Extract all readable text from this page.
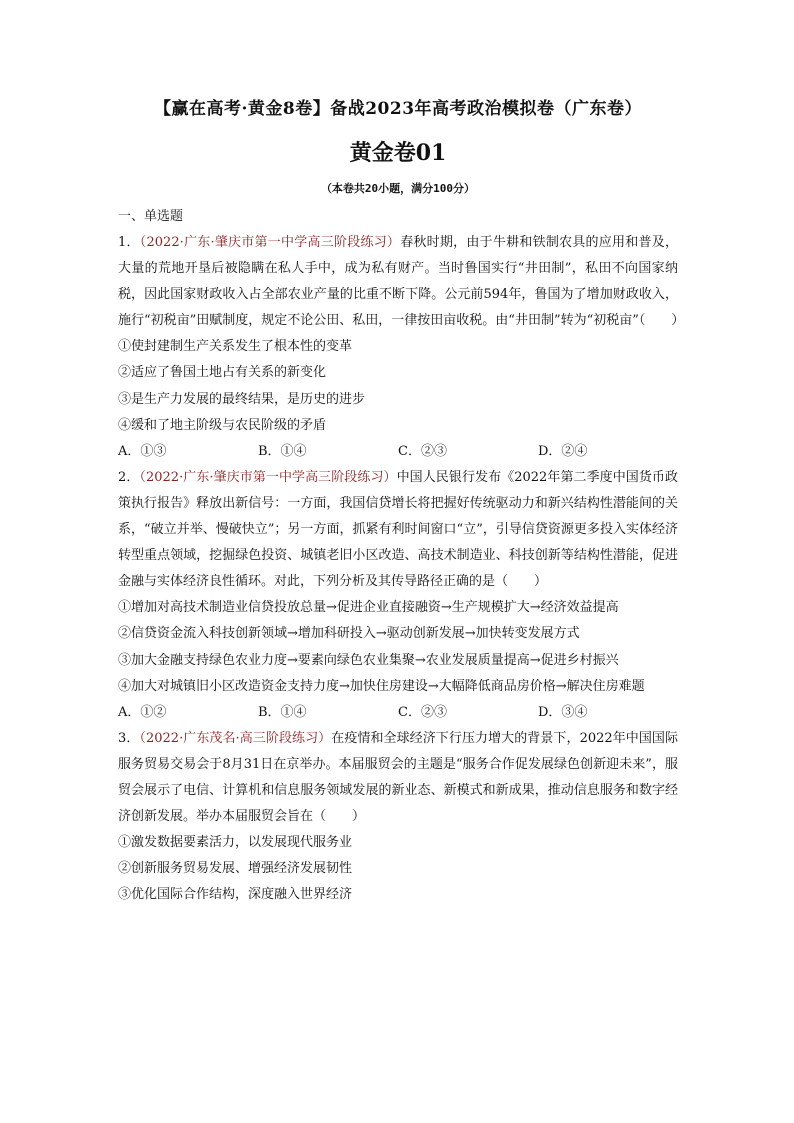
【赢在高考·黄金8卷】备战2023年高考政治模拟卷（广东卷）
黄金卷01
（本卷共20小题，满分100分）
一、单选题

1．（2022·广东·肇庆市第一中学高三阶段练习）春秋时期，由于牛耕和铁制农具的应用和普及，大量的荒地开垦后被隐瞒在私人手中，成为私有财产。当时鲁国实行“井田制”，私田不向国家纳税，因此国家财政收入占全部农业产量的比重不断下降。公元前594年，鲁国为了增加财政收入，施行“初税亩”田赋制度，规定不论公田、私田，一律按田亩收税。由“井田制”转为“初税亩”（　　）

①使封建制生产关系发生了根本性的变革

②适应了鲁国土地占有关系的新变化

③是生产力发展的最终结果，是历史的进步

④缓和了地主阶级与农民阶级的矛盾

A．①③	B．①④	C．②③	D．②④

2．（2022·广东·肇庆市第一中学高三阶段练习）中国人民银行发布《2022年第二季度中国货币政策执行报告》释放出新信号：一方面，我国信贷增长将把握好传统驱动力和新兴结构性潜能间的关系，“破立并举、慢破快立”；另一方面，抓紧有利时间窗口“立”，引导信贷资源更多投入实体经济转型重点领域，挖掘绿色投资、城镇老旧小区改造、高技术制造业、科技创新等结构性潜能，促进金融与实体经济良性循环。对此，下列分析及其传导路径正确的是（　　）

①增加对高技术制造业信贷投放总量→促进企业直接融资→生产规模扩大→经济效益提高

②信贷资金流入科技创新领域→增加科研投入→驱动创新发展→加快转变发展方式

③加大金融支持绿色农业力度→要素向绿色农业集聚→农业发展质量提高→促进乡村振兴

④加大对城镇旧小区改造资金支持力度→加快住房建设→大幅降低商品房价格→解决住房难题

A．①②	B．①④	C．②③	D．③④

3．（2022·广东茂名·高三阶段练习）在疫情和全球经济下行压力增大的背景下，2022年中国国际服务贸易交易会于8月31日在京举办。本届服贸会的主题是“服务合作促发展绿色创新迎未来”，服贸会展示了电信、计算机和信息服务领域发展的新业态、新模式和新成果，推动信息服务和数字经济创新发展。举办本届服贸会旨在（　　）

①激发数据要素活力，以发展现代服务业

②创新服务贸易发展、增强经济发展韧性

③优化国际合作结构，深度融入世界经济
